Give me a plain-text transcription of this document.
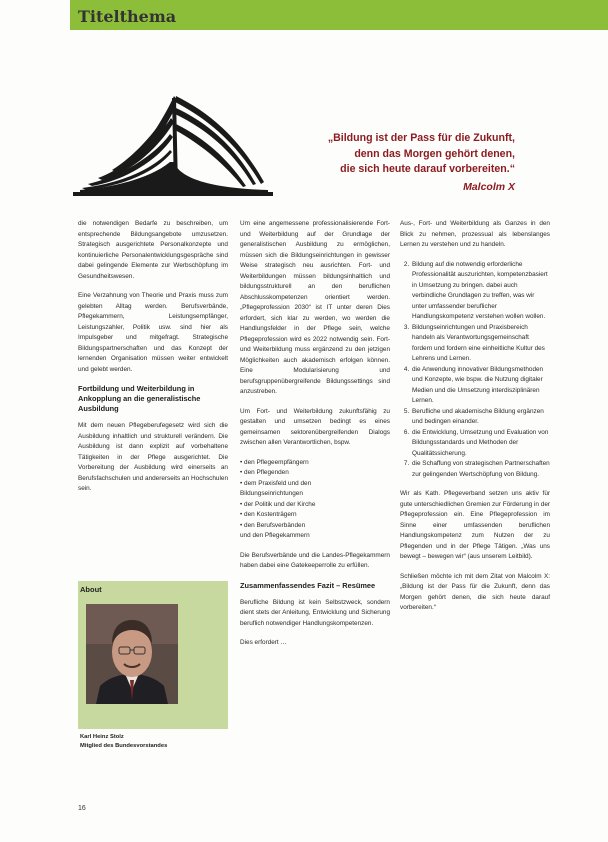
Titelthema
„Bildung ist der Pass für die Zukunft,
denn das Morgen gehört denen,
die sich heute darauf vorbereiten.“
Malcolm X

die notwendigen Bedarfe zu beschreiben, um entsprechende Bildungsangebote umzusetzen. Strategisch ausgerichtete Personalkonzepte und kontinuierliche Personalentwicklungsgespräche sind dabei gelingende Elemente zur Werbschöpfung im Gesundheitswesen.

Eine Verzahnung von Theorie und Praxis muss zum gelebten Alltag werden. Berufsverbände, Pflegekammern, Leistungsempfänger, Leistungszahler, Politik usw. sind hier als Impulsgeber und mitgefragt. Strategische Bildungspartnerschaften und das Konzept der lernenden Organisation müssen weiter entwickelt und gelebt werden.

Fortbildung und Weiterbildung in Ankopplung an die generalistische Ausbildung

Mit dem neuen Pflegeberufegesetz wird sich die Ausbildung inhaltlich und strukturell verändern. Die Ausbildung ist dann explizit auf vorbehaltene Tätigkeiten in der Pflege ausgerichtet. Die Vorbereitung der Ausbildung wird einerseits an Berufsfachschulen und andererseits an Hochschulen sein.

Um eine angemessene professionalisierende Fort- und Weiterbildung auf der Grundlage der generalistischen Ausbildung zu ermöglichen, müssen sich die Bildungseinrichtungen in gewisser Weise strategisch neu ausrichten. Fort- und Weiterbildungen müssen bildungsinhaltlich und bildungsstrukturell an den beruflichen Abschlusskompetenzen orientiert werden. „Pflegeprofession 2030“ ist IT unter deren Dies erfordert, sich klar zu werden, wo werden die Handlungsfelder in der Pflege sein, welche Pflegeprofession wird es 2022 notwendig sein. Fort- und Weiterbildung muss ergänzend zu den jetzigen Möglichkeiten auch akademisch erfolgen können. Eine Modularisierung und berufsgruppenübergreifende Bildungssettings sind anzustreben.

Um Fort- und Weiterbildung zukunftsfähig zu gestalten und umsetzen bedingt es eines gemeinsamen sektorenübergreifenden Dialogs zwischen allen Verantwortlichen, bspw.

• den Pflegeempfängern
• den Pflegenden
• dem Praxisfeld und den
Bildungseinrichtungen
• der Politik und der Kirche
• den Kostenträgern
• den Berufsverbänden
und den Pflegekammern

Die Berufsverbände und die Landes-Pflegekammern haben dabei eine Gatekeeperrolle zu erfüllen.

Zusammenfassendes Fazit – Resümee

Berufliche Bildung ist kein Selbstzweck, sondern dient stets der Anleitung, Entwicklung und Sicherung beruflich notwendiger Handlungskompetenzen.

Dies erfordert …

Aus-, Fort- und Weiterbildung als Ganzes in den Blick zu nehmen, prozessual als lebenslanges Lernen zu verstehen und zu handeln.

2. Bildung auf die notwendig erforderliche Professionalität auszurichten, kompetenzbasiert in Umsetzung zu bringen. dabei auch verbindliche Grundlagen zu treffen, was wir unter umfassender beruflicher Handlungskompetenz verstehen wollen wollen.
3. Bildungseinrichtungen und Praxisbereich handeln als Verantwortungsgemeinschaft fordern und fordern eine einheitliche Kultur des Lehrens und Lernen.
4. die Anwendung innovativer Bildungsmethoden und Konzepte, wie bspw. die Nutzung digitaler Medien und die Umsetzung interdisziplinären Lernen.
5. Berufliche und akademische Bildung ergänzen und bedingen einander.
6. die Entwicklung, Umsetzung und Evaluation von Bildungsstandards und Methoden der Qualitätssicherung.
7. die Schaffung von strategischen Partnerschaften zur gelingenden Wertschöpfung von Bildung.

Wir als Kath. Pflegeverband setzen uns aktiv für gute unterschiedlichen Gremien zur Förderung in der Pflegeprofession ein. Eine Pflegeprofession im Sinne einer umfassenden beruflichen Handlungskompetenz zum Nutzen der zu Pflegenden und in der Pflege Tätigen. „Was uns bewegt – bewegen wir“ (aus unserem Leitbild).

Schließen möchte ich mit dem Zitat von Malcolm X: „Bildung ist der Pass für die Zukunft, denn das Morgen gehört denen, die sich heute darauf vorbereiten.“

About
Karl Heinz Stolz
Mitglied des Bundesvorstandes
16
